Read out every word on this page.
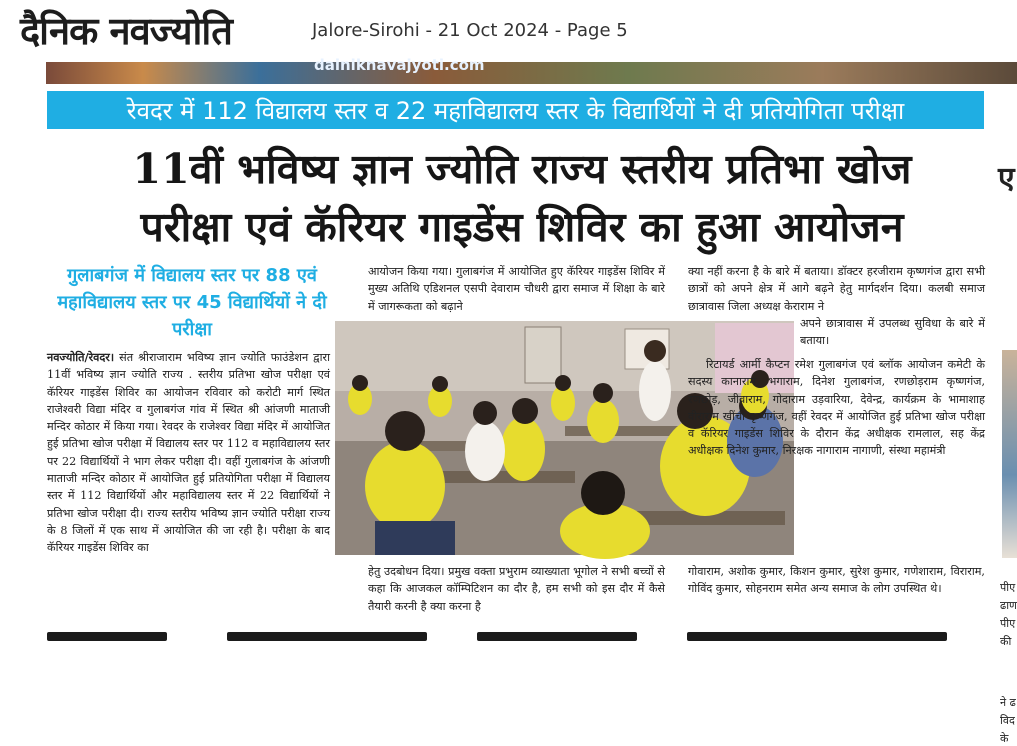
दैनिक नवज्योति	Jalore-Sirohi - 21 Oct 2024 - Page 5
dainiknavajyoti.com
रेवदर में 112 विद्यालय स्तर व 22 महाविद्यालय स्तर के विद्यार्थियों ने दी प्रतियोगिता परीक्षा
11वीं भविष्य ज्ञान ज्योति राज्य स्तरीय प्रतिभा खोज
परीक्षा एवं कॅरियर गाइडेंस शिविर का हुआ आयोजन
गुलाबगंज में विद्यालय स्तर पर 88 एवं महाविद्यालय स्तर पर 45 विद्यार्थियों ने दी परीक्षा

नवज्योति/रेवदर। संत श्रीराजाराम भविष्य ज्ञान ज्योति फाउंडेशन द्वारा 11वीं भविष्य ज्ञान ज्योति राज्य . स्तरीय प्रतिभा खोज परीक्षा एवं कॅरियर गाइडेंस शिविर का आयोजन रविवार को करोटी मार्ग स्थित राजेश्वरी विद्या मंदिर व गुलाबगंज गांव में स्थित श्री आंजणी माताजी मन्दिर कोठार में किया गया। रेवदर के राजेश्वर विद्या मंदिर में आयोजित हुई प्रतिभा खोज परीक्षा में विद्यालय स्तर पर 112 व महाविद्यालय स्तर पर 22 विद्यार्थियों ने भाग लेकर परीक्षा दी। वहीं गुलाबगंज के आंजणी माताजी मन्दिर कोठार में आयोजित हुई प्रतियोगिता परीक्षा में विद्यालय स्तर में 112 विद्यार्थियों और महाविद्यालय स्तर में 22 विद्यार्थियों ने प्रतिभा खोज परीक्षा दी। राज्य स्तरीय भविष्य ज्ञान ज्योति परीक्षा राज्य के 8 जिलों में एक साथ में आयोजित की जा रही है। परीक्षा के बाद कॅरियर गाइडेंस शिविर का

आयोजन किया गया। गुलाबगंज में आयोजित हुए कॅरियर गाइडेंस शिविर में मुख्य अतिथि एडिशनल एसपी देवाराम चौधरी द्वारा समाज में शिक्षा के बारे में जागरूकता को बढ़ाने
हेतु उदबोधन दिया। प्रमुख वक्ता प्रभुराम व्याख्याता भूगोल ने सभी बच्चों से कहा कि आजकल कॉम्पिटिशन का दौर है, हम सभी को इस दौर में कैसे तैयारी करनी है क्या करना है
क्या नहीं करना है के बारे में बताया। डॉक्टर हरजीराम कृष्णगंज द्वारा सभी छात्रों को अपने क्षेत्र में आगे बढ़ने हेतु मार्गदर्शन दिया। कलबी समाज छात्रावास जिला अध्यक्ष केराराम ने
अपने छात्रावास में उपलब्ध सुविधा के बारे में बताया।

रिटायर्ड आर्मी कैप्टन रमेश गुलाबगंज एवं ब्लॉक आयोजन कमेटी के सदस्य कानाराम, भगाराम, दिनेश गुलाबगंज, रणछोड़राम कृष्णगंज, रणछोड़, जीवाराम, गोदाराम उड़वारिया, देवेन्द्र, कार्यक्रम के भामाशाह वीराराम खींची कृष्णगंज, वहीं रेवदर में आयोजित हुई प्रतिभा खोज परीक्षा व कॅरियर गाइडेंस शिविर के दौरान केंद्र अधीक्षक रामलाल, सह केंद्र अधीक्षक दिनेश कुमार, निरक्षक नागाराम नागाणी, संस्था महामंत्री

गोवाराम, अशोक कुमार, किशन कुमार, सुरेश कुमार, गणेशाराम, विराराम, गोविंद कुमार, सोहनराम समेत अन्य समाज के लोग उपस्थित थे।
ए
पीए
ढाण
पीए
की
ने ढ
विद
के
